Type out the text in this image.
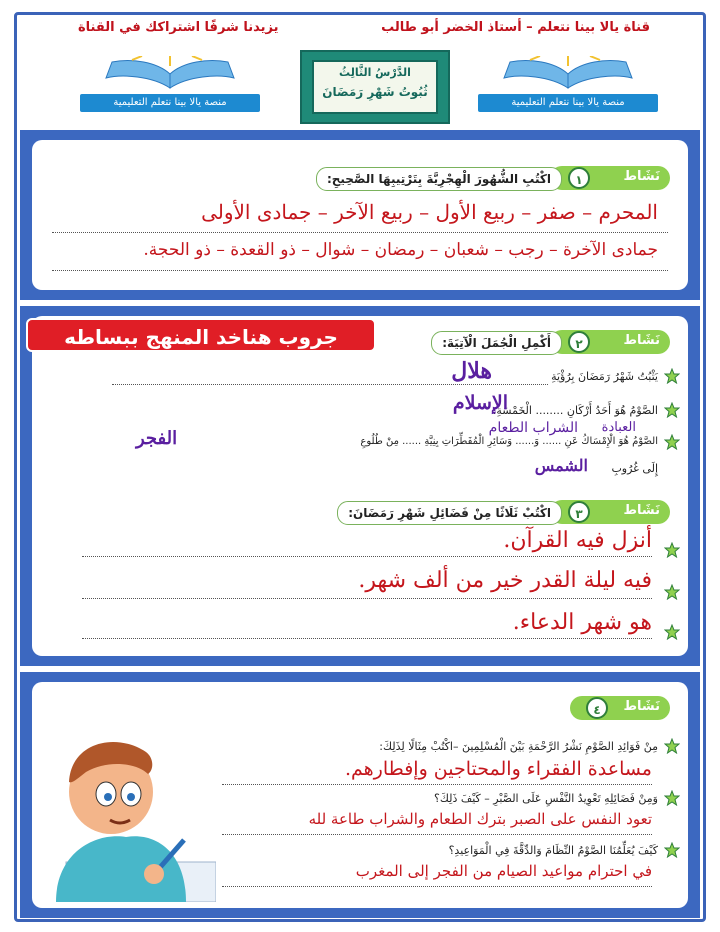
قناة يالا بينا نتعلم – أستاذ الخضر أبو طالب
يزيدنا شرفًا اشتراكك في القناة
منصة يالا بينا نتعلم التعليمية	منصة يالا بينا نتعلم التعليمية
الدَّرْسُ الثَّالِثُ
ثُبُوتُ شَهْرِ رَمَضَانَ
نَشَاط
١
اكْتُبِ الشُّهُورَ الْهِجْرِيَّةَ بِتَرْتِيبِهَا الصَّحِيحِ:
المحرم – صفر – ربيع الأول – ربيع الآخر – جمادى الأولى
جمادى الآخرة – رجب – شعبان – رمضان – شوال – ذو القعدة – ذو الحجة.
نَشَاط
٢
أَكْمِلِ الْجُمَلَ الْآتِيَةَ:
يَثْبُتُ شَهْرُ رَمَضَانَ بِرُؤْيَةِ
هلال
الصَّوْمُ هُوَ أَحَدُ أَرْكَانِ ........ الْخَمْسَةِ.
الإسلام
الصَّوْمُ هُوَ الْإِمْسَاكُ عَنِ ...... وَ...... وَسَائِرِ الْمُفَطِّرَاتِ بِنِيَّةِ ...... مِنْ طُلُوعِ
الطعام الشراب العبادة
الفجر
إِلَى غُرُوبِ
الشمس
نَشَاط
٣
اكْتُبْ ثَلَاثًا مِنْ فَضَائِلِ شَهْرِ رَمَضَانَ:
أنزل فيه القرآن.
فيه ليلة القدر خير من ألف شهر.
هو شهر الدعاء.
جروب هناخد المنهج ببساطه
نَشَاط
٤
مِنْ فَوَائِدِ الصَّوْمِ نَشْرُ الرَّحْمَةِ بَيْنَ الْمُسْلِمِينَ –اكْتُبْ مِثَالًا لِذَلِكَ:
مساعدة الفقراء والمحتاجين وإفطارهم.
وَمِنْ فَضَائِلِهِ تَعْوِيدُ النَّفْسِ عَلَى الصَّبْرِ – كَيْفَ ذَلِكَ؟
تعود النفس على الصبر بترك الطعام والشراب طاعة لله
كَيْفَ يُعَلِّمُنَا الصَّوْمُ النِّظَامَ وَالدِّقَّةَ فِي الْمَوَاعِيدِ؟
في احترام مواعيد الصيام من الفجر إلى المغرب
